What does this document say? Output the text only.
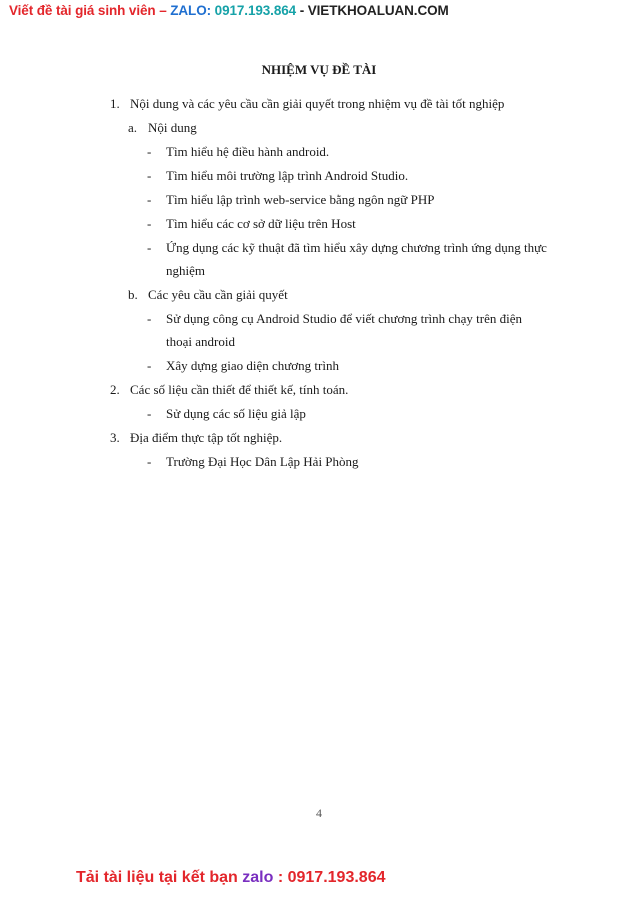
Viết đề tài giá sinh viên – ZALO: 0917.193.864 - VIETKHOALUAN.COM
NHIỆM VỤ ĐỀ TÀI
1. Nội dung và các yêu cầu cần giải quyết trong nhiệm vụ đề tài tốt nghiệp
a. Nội dung
- Tìm hiểu hệ điều hành android.
- Tìm hiểu môi trường lập trình Android Studio.
- Tìm hiểu lập trình web-service bằng ngôn ngữ PHP
- Tìm hiểu các cơ sở dữ liệu trên Host
- Ứng dụng các kỹ thuật đã tìm hiểu xây dựng chương trình ứng dụng thực
nghiệm
b. Các yêu cầu cần giải quyết
- Sử dụng công cụ Android Studio để viết chương trình chạy trên điện
thoại android
- Xây dựng giao diện chương trình
2. Các số liệu cần thiết để thiết kế, tính toán.
- Sử dụng các số liệu giả lập
3. Địa điểm thực tập tốt nghiệp.
- Trường Đại Học Dân Lập Hải Phòng
4
Tải tài liệu tại kết bạn zalo : 0917.193.864
